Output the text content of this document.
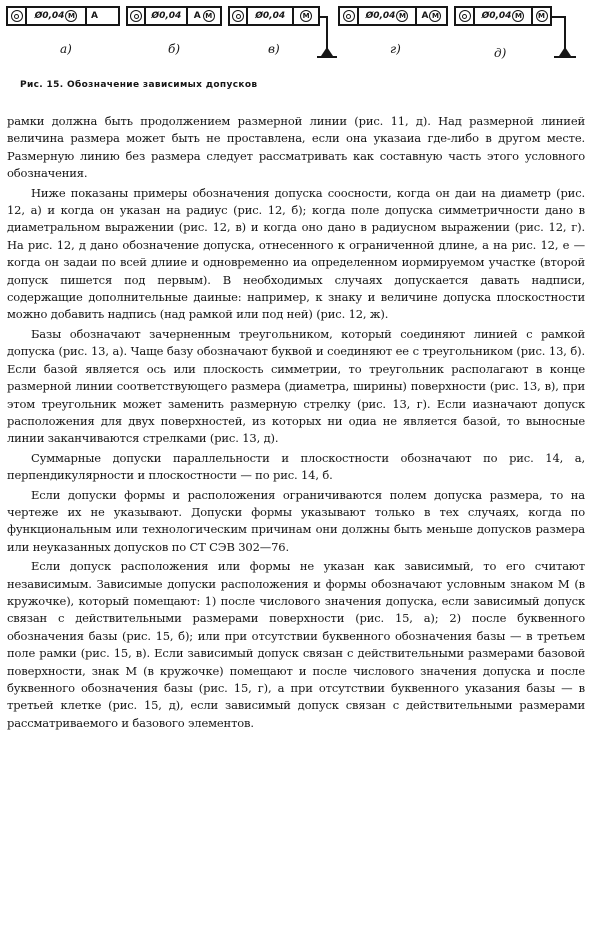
Ø0,04 M	A	Ø0,04	A M	Ø0,04	M	Ø0,04 M A M	Ø0,04 M	M
а)	б)	в)	г)	д)
Рис. 15. Обозначение зависимых допусков

рамки должна быть продолжением размерной линии (рис. 11, д). Над размерной линией величина размера может быть не проставлена, если она указаиа где-либо в другом месте. Размерную линию без размера следует рассматривать как составную часть этого условного обозначения.

Ниже показаны примеры обозначения допуска соосности, когда он даи на диаметр (рис. 12, а) и когда он указан на радиус (рис. 12, б); когда поле допуска симметричности дано в диаметральном выражении (рис. 12, в) и когда оно дано в радиусном выражении (рис. 12, г). На рис. 12, д дано обозначение допуска, отнесенного к ограниченной длине, а на рис. 12, е — когда он задаи по всей длиие и одновременно иа определенном иормируемом участке (второй допуск пишется под первым). В необходимых случаях допускается давать надписи, содержащие дополнительные даиные: например, к знаку и величине допуска плоскостности можно добавить надпись (над рамкой или под ней) (рис. 12, ж).

Базы обозначают зачерненным треугольником, который соединяют линией с рамкой допуска (рис. 13, а). Чаще базу обозначают буквой и соединяют ее с треугольником (рис. 13, б). Если базой является ось или плоскость симметрии, то треугольник располагают в конце размерной линии соответствующего размера (диаметра, ширины) поверхности (рис. 13, в), при этом треугольник может заменить размерную стрелку (рис. 13, г). Если иазначают допуск расположения для двух поверхностей, из которых ни одиа не является базой, то выносные линии заканчиваются стрелками (рис. 13, д).

Суммарные допуски параллельности и плоскостности обозначают по рис. 14, а, перпендикулярности и плоскостности — по рис. 14, б.

Если допуски формы и расположения ограничиваются полем допуска размера, то на чертеже их не указывают. Допуски формы указывают только в тех случаях, когда по функциональным или технологическим причинам они должны быть меньше допусков размера или неуказанных допусков по СТ СЭВ 302—76.

Если допуск расположения или формы не указан как зависимый, то его считают независимым. Зависимые допуски расположения и формы обозначают условным знаком М (в кружочке), который помещают: 1) после числового значения допуска, если зависимый допуск связан с действительными размерами поверхности (рис. 15, а); 2) после буквенного обозначения базы (рис. 15, б); или при отсутствии буквенного обозначения базы — в третьем поле рамки (рис. 15, в). Если зависимый допуск связан с действительными размерами базовой поверхности, знак М (в кружочке) помещают и после числового значения допуска и после буквенного обозначения базы (рис. 15, г), а при отсутствии буквенного указания базы — в третьей клетке (рис. 15, д), если зависимый допуск связан с действительными размерами рассматриваемого и базового элементов.
